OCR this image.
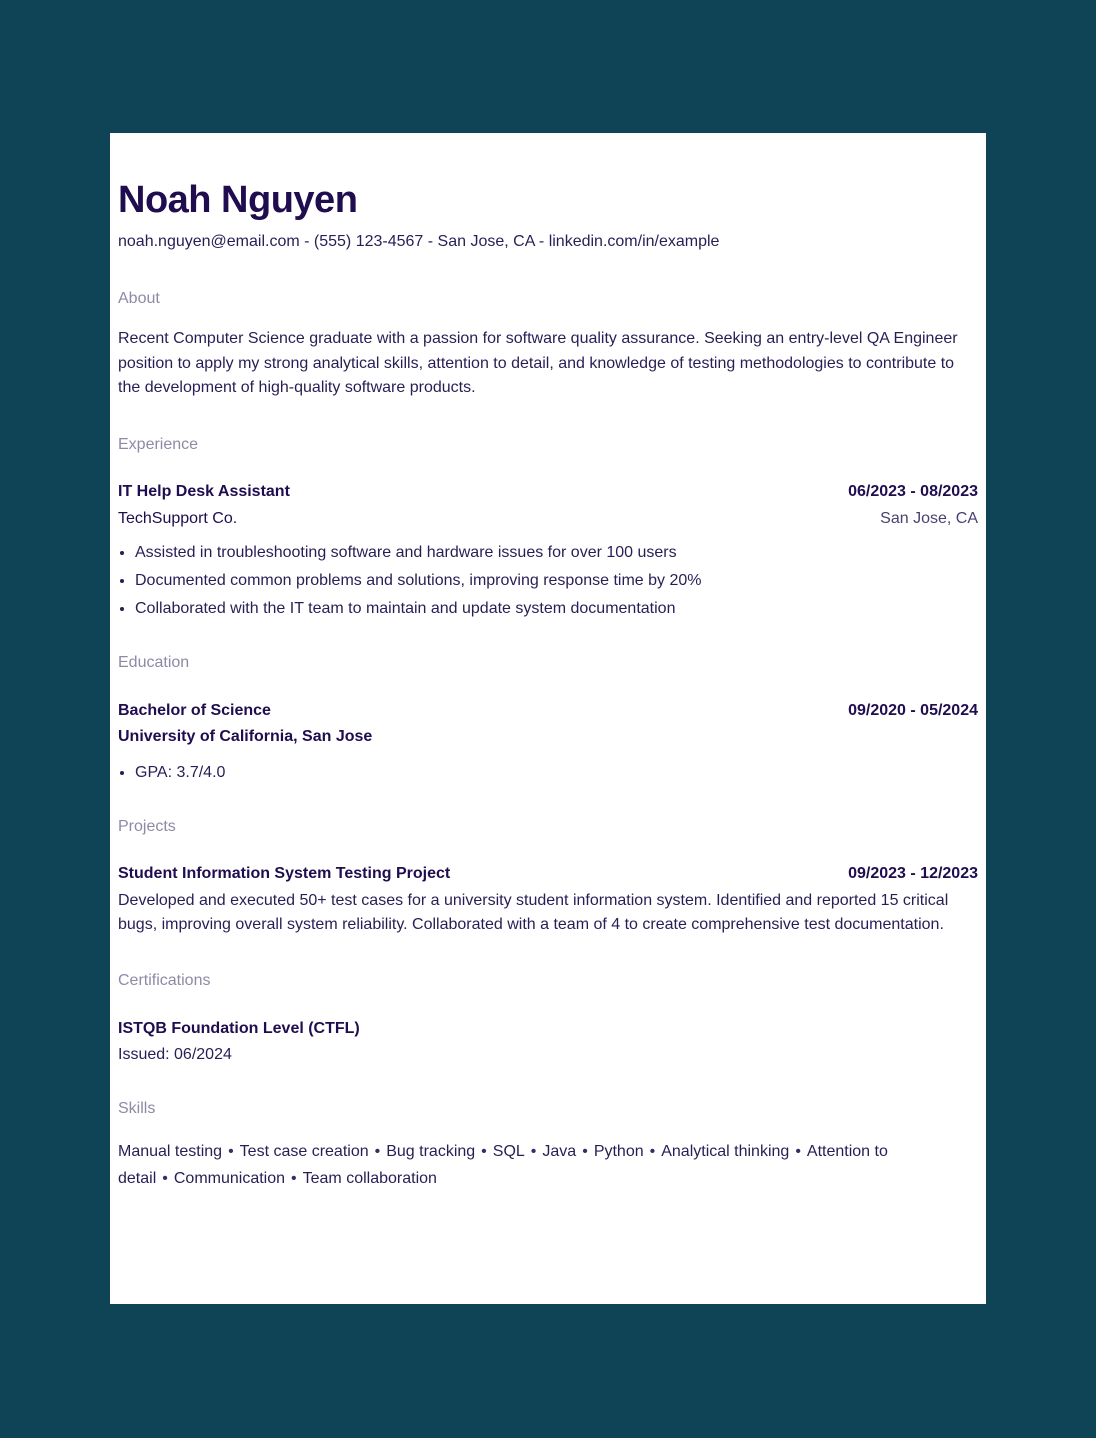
Noah Nguyen
noah.nguyen@email.com - (555) 123-4567 - San Jose, CA - linkedin.com/in/example
About
Recent Computer Science graduate with a passion for software quality assurance. Seeking an entry-level QA Engineer position to apply my strong analytical skills, attention to detail, and knowledge of testing methodologies to contribute to the development of high-quality software products.
Experience
IT Help Desk Assistant	06/2023 - 08/2023
TechSupport Co.	San Jose, CA
• Assisted in troubleshooting software and hardware issues for over 100 users
• Documented common problems and solutions, improving response time by 20%
• Collaborated with the IT team to maintain and update system documentation
Education
Bachelor of Science	09/2020 - 05/2024
University of California, San Jose
• GPA: 3.7/4.0
Projects
Student Information System Testing Project	09/2023 - 12/2023
Developed and executed 50+ test cases for a university student information system. Identified and reported 15 critical bugs, improving overall system reliability. Collaborated with a team of 4 to create comprehensive test documentation.
Certifications
ISTQB Foundation Level (CTFL)
Issued: 06/2024
Skills
Manual testing • Test case creation • Bug tracking • SQL • Java • Python • Analytical thinking • Attention to detail • Communication • Team collaboration
